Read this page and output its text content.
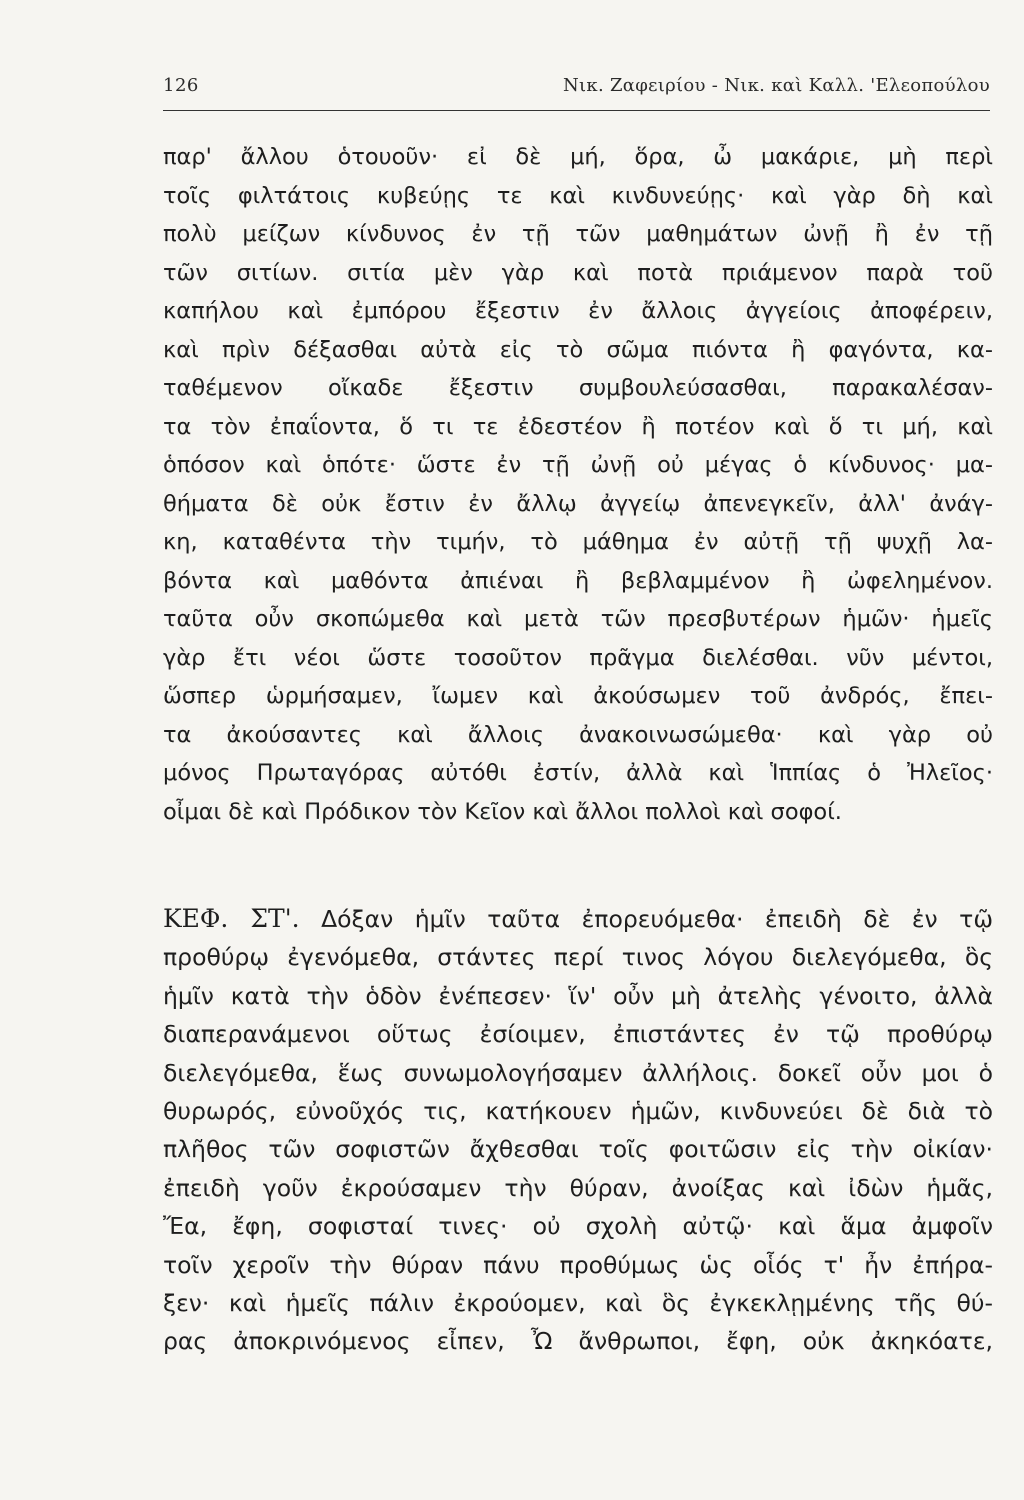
126	Νικ. Ζαφειρίου - Νικ. καὶ Καλλ. 'Ελεοπούλου
παρ' ἄλλου ὁτουοῦν· εἰ δὲ μή, ὅρα, ὦ μακάριε, μὴ περὶ
τοῖς φιλτάτοις κυβεύῃς τε καὶ κινδυνεύῃς· καὶ γὰρ δὴ καὶ
πολὺ μείζων κίνδυνος ἐν τῇ τῶν μαθημάτων ὠνῇ ἢ ἐν τῇ
τῶν σιτίων. σιτία μὲν γὰρ καὶ ποτὰ πριάμενον παρὰ τοῦ
καπήλου καὶ ἐμπόρου ἔξεστιν ἐν ἄλλοις ἀγγείοις ἀποφέρειν,
καὶ πρὶν δέξασθαι αὐτὰ εἰς τὸ σῶμα πιόντα ἢ φαγόντα, κα-
ταθέμενον οἴκαδε ἔξεστιν συμβουλεύσασθαι, παρακαλέσαν-
τα τὸν ἐπαΐοντα, ὅ τι τε ἐδεστέον ἢ ποτέον καὶ ὅ τι μή, καὶ
ὁπόσον καὶ ὁπότε· ὥστε ἐν τῇ ὠνῇ οὐ μέγας ὁ κίνδυνος· μα-
θήματα δὲ οὐκ ἔστιν ἐν ἄλλῳ ἀγγείῳ ἀπενεγκεῖν, ἀλλ' ἀνάγ-
κη, καταθέντα τὴν τιμήν, τὸ μάθημα ἐν αὐτῇ τῇ ψυχῇ λα-
βόντα καὶ μαθόντα ἀπιέναι ἢ βεβλαμμένον ἢ ὠφελημένον.
ταῦτα οὖν σκοπώμεθα καὶ μετὰ τῶν πρεσβυτέρων ἡμῶν· ἡμεῖς
γὰρ ἔτι νέοι ὥστε τοσοῦτον πρᾶγμα διελέσθαι. νῦν μέντοι,
ὥσπερ ὡρμήσαμεν, ἴωμεν καὶ ἀκούσωμεν τοῦ ἀνδρός, ἔπει-
τα ἀκούσαντες καὶ ἄλλοις ἀνακοινωσώμεθα· καὶ γὰρ οὐ
μόνος Πρωταγόρας αὐτόθι ἐστίν, ἀλλὰ καὶ Ἱππίας ὁ Ἠλεῖος·
οἶμαι δὲ καὶ Πρόδικον τὸν Κεῖον καὶ ἄλλοι πολλοὶ καὶ σοφοί.
ΚΕΦ. ΣΤ'. Δόξαν ἡμῖν ταῦτα ἐπορευόμεθα· ἐπειδὴ δὲ ἐν τῷ
προθύρῳ ἐγενόμεθα, στάντες περί τινος λόγου διελεγόμεθα, ὃς
ἡμῖν κατὰ τὴν ὁδὸν ἐνέπεσεν· ἵν' οὖν μὴ ἀτελὴς γένοιτο, ἀλλὰ
διαπερανάμενοι οὕτως ἐσίοιμεν, ἐπιστάντες ἐν τῷ προθύρῳ
διελεγόμεθα, ἕως συνωμολογήσαμεν ἀλλήλοις. δοκεῖ οὖν μοι ὁ
θυρωρός, εὐνοῦχός τις, κατήκουεν ἡμῶν, κινδυνεύει δὲ διὰ τὸ
πλῆθος τῶν σοφιστῶν ἄχθεσθαι τοῖς φοιτῶσιν εἰς τὴν οἰκίαν·
ἐπειδὴ γοῦν ἐκρούσαμεν τὴν θύραν, ἀνοίξας καὶ ἰδὼν ἡμᾶς,
Ἔα, ἔφη, σοφισταί τινες· οὐ σχολὴ αὐτῷ· καὶ ἅμα ἀμφοῖν
τοῖν χεροῖν τὴν θύραν πάνυ προθύμως ὡς οἷός τ' ἦν ἐπήρα-
ξεν· καὶ ἡμεῖς πάλιν ἐκρούομεν, καὶ ὃς ἐγκεκλῃμένης τῆς θύ-
ρας ἀποκρινόμενος εἶπεν, Ὦ ἄνθρωποι, ἔφη, οὐκ ἀκηκόατε,
